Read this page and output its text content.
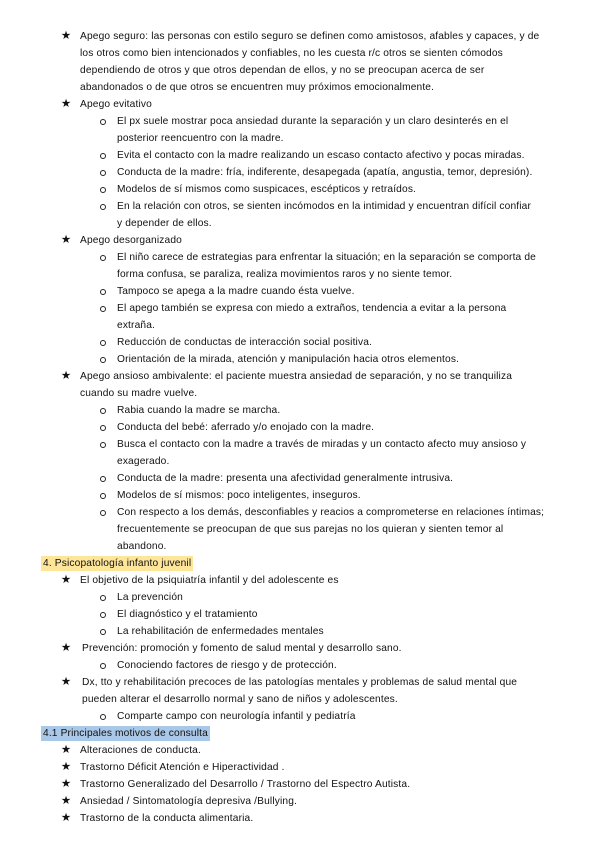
★ Apego seguro: las personas con estilo seguro se definen como amistosos, afables y capaces, y de
los otros como bien intencionados y confiables, no les cuesta r/c otros se sienten cómodos
dependiendo de otros y que otros dependan de ellos, y no se preocupan acerca de ser
abandonados o de que otros se encuentren muy próximos emocionalmente.
★ Apego evitativo
El px suele mostrar poca ansiedad durante la separación y un claro desinterés en el
posterior reencuentro con la madre.
Evita el contacto con la madre realizando un escaso contacto afectivo y pocas miradas.
Conducta de la madre: fría, indiferente, desapegada (apatía, angustia, temor, depresión).
Modelos de sí mismos como suspicaces, escépticos y retraídos.
En la relación con otros, se sienten incómodos en la intimidad y encuentran difícil confiar
y depender de ellos.
★ Apego desorganizado
El niño carece de estrategias para enfrentar la situación; en la separación se comporta de
forma confusa, se paraliza, realiza movimientos raros y no siente temor.
Tampoco se apega a la madre cuando ésta vuelve.
El apego también se expresa con miedo a extraños, tendencia a evitar a la persona
extraña.
Reducción de conductas de interacción social positiva.
Orientación de la mirada, atención y manipulación hacia otros elementos.
★ Apego ansioso ambivalente: el paciente muestra ansiedad de separación, y no se tranquiliza
cuando su madre vuelve.
Rabia cuando la madre se marcha.
Conducta del bebé: aferrado y/o enojado con la madre.
Busca el contacto con la madre a través de miradas y un contacto afecto muy ansioso y
exagerado.
Conducta de la madre: presenta una afectividad generalmente intrusiva.
Modelos de sí mismos: poco inteligentes, inseguros.
Con respecto a los demás, desconfiables y reacios a comprometerse en relaciones íntimas;
frecuentemente se preocupan de que sus parejas no los quieran y sienten temor al
abandono.
4. Psicopatología infanto juvenil
★ El objetivo de la psiquiatría infantil y del adolescente es
La prevención
El diagnóstico y el tratamiento
La rehabilitación de enfermedades mentales
★ Prevención: promoción y fomento de salud mental y desarrollo sano.
Conociendo factores de riesgo y de protección.
★ Dx, tto y rehabilitación precoces de las patologías mentales y problemas de salud mental que
pueden alterar el desarrollo normal y sano de niños y adolescentes.
Comparte campo con neurología infantil y pediatría
4.1 Principales motivos de consulta
★ Alteraciones de conducta.
★ Trastorno Déficit Atención e Hiperactividad .
★ Trastorno Generalizado del Desarrollo / Trastorno del Espectro Autista.
★ Ansiedad / Sintomatología depresiva /Bullying.
★ Trastorno de la conducta alimentaria.
